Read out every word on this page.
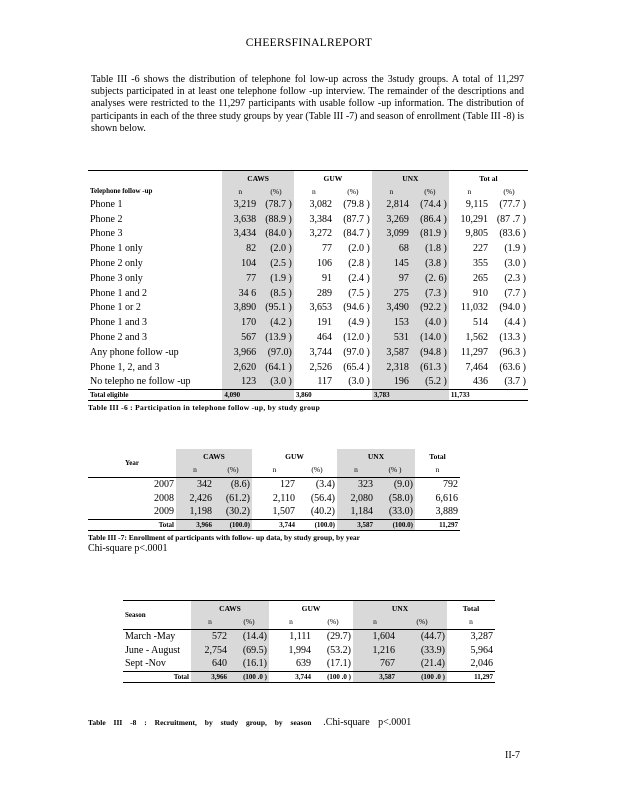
CHEERSFINALREPORT
Table III -6 shows the distribution of telephone fol low-up across the 3study groups. A total of 11,297 subjects participated in at least one telephone follow -up interview. The remainder of the descriptions and analyses were restricted to the 11,297 participants with usable follow -up information. The distribution of participants in each of the three study groups by year (Table III -7) and season of enrollment (Table III -8) is shown below.
	CAWS		GUW		UNX		Tot al	
Telephone follow -up	n	(%)	n	(%)	n	(%)	n	(%)
Phone 1	3,219	(78.7 )	3,082	(79.8 )	2,814	(74.4 )	9,115	(77.7 )
Phone 2	3,638	(88.9 )	3,384	(87.7 )	3,269	(86.4 )	10,291	(87 .7 )
Phone 3	3,434	(84.0 )	3,272	(84.7 )	3,099	(81.9 )	9,805	(83.6 )
Phone 1 only	82	(2.0 )	77	(2.0 )	68	(1.8 )	227	(1.9 )
Phone 2 only	104	(2.5 )	106	(2.8 )	145	(3.8 )	355	(3.0 )
Phone 3 only	77	(1.9 )	91	(2.4 )	97	(2. 6)	265	(2.3 )
Phone 1 and 2	34 6	(8.5 )	289	(7.5 )	275	(7.3 )	910	(7.7 )
Phone 1 or 2	3,890	(95.1 )	3,653	(94.6 )	3,490	(92.2 )	11,032	(94.0 )
Phone 1 and 3	170	(4.2 )	191	(4.9 )	153	(4.0 )	514	(4.4 )
Phone 2 and 3	567	(13.9 )	464	(12.0 )	531	(14.0 )	1,562	(13.3 )
Any phone follow -up	3,966	(97.0)	3,744	(97.0 )	3,587	(94.8 )	11,297	(96.3 )
Phone 1, 2, and 3	2,620	(64.1 )	2,526	(65.4 )	2,318	(61.3 )	7,464	(63.6 )
No telepho ne follow -up	123	(3.0 )	117	(3.0 )	196	(5.2 )	436	(3.7 )
Total eligible	4,090		3,860		3,783		11,733	
Table III -6 : Participation in telephone follow -up, by study group
Year	CAWS		GUW		UNX		Total
	n	(%)	n	(%)	n	(% )	n
2007	342	(8.6)	127	(3.4)	323	(9.0)	792
2008	2,426	(61.2)	2,110	(56.4)	2,080	(58.0)	6,616
2009	1,198	(30.2)	1,507	(40.2)	1,184	(33.0)	3,889
Total	3,966	(100.0)	3,744	(100.0)	3,587	(100.0)	11,297
Table III -7: Enrollment of participants with follow- up data, by study group, by year
Chi-square p<.0001
Season	CAWS		GUW		UNX		Total
	n	(%)	n	(%)	n	(%)	n
March -May	572	(14.4)	1,111	(29.7)	1,604	(44.7)	3,287
June - August	2,754	(69.5)	1,994	(53.2)	1,216	(33.9)	5,964
Sept -Nov	640	(16.1)	639	(17.1)	767	(21.4)	2,046
Total	3,966	(100 .0 )	3,744	(100 .0 )	3,587	(100 .0 )	11,297
Table III -8 : Recruitment, by study group, by season .Chi-square p<.0001
II-7
